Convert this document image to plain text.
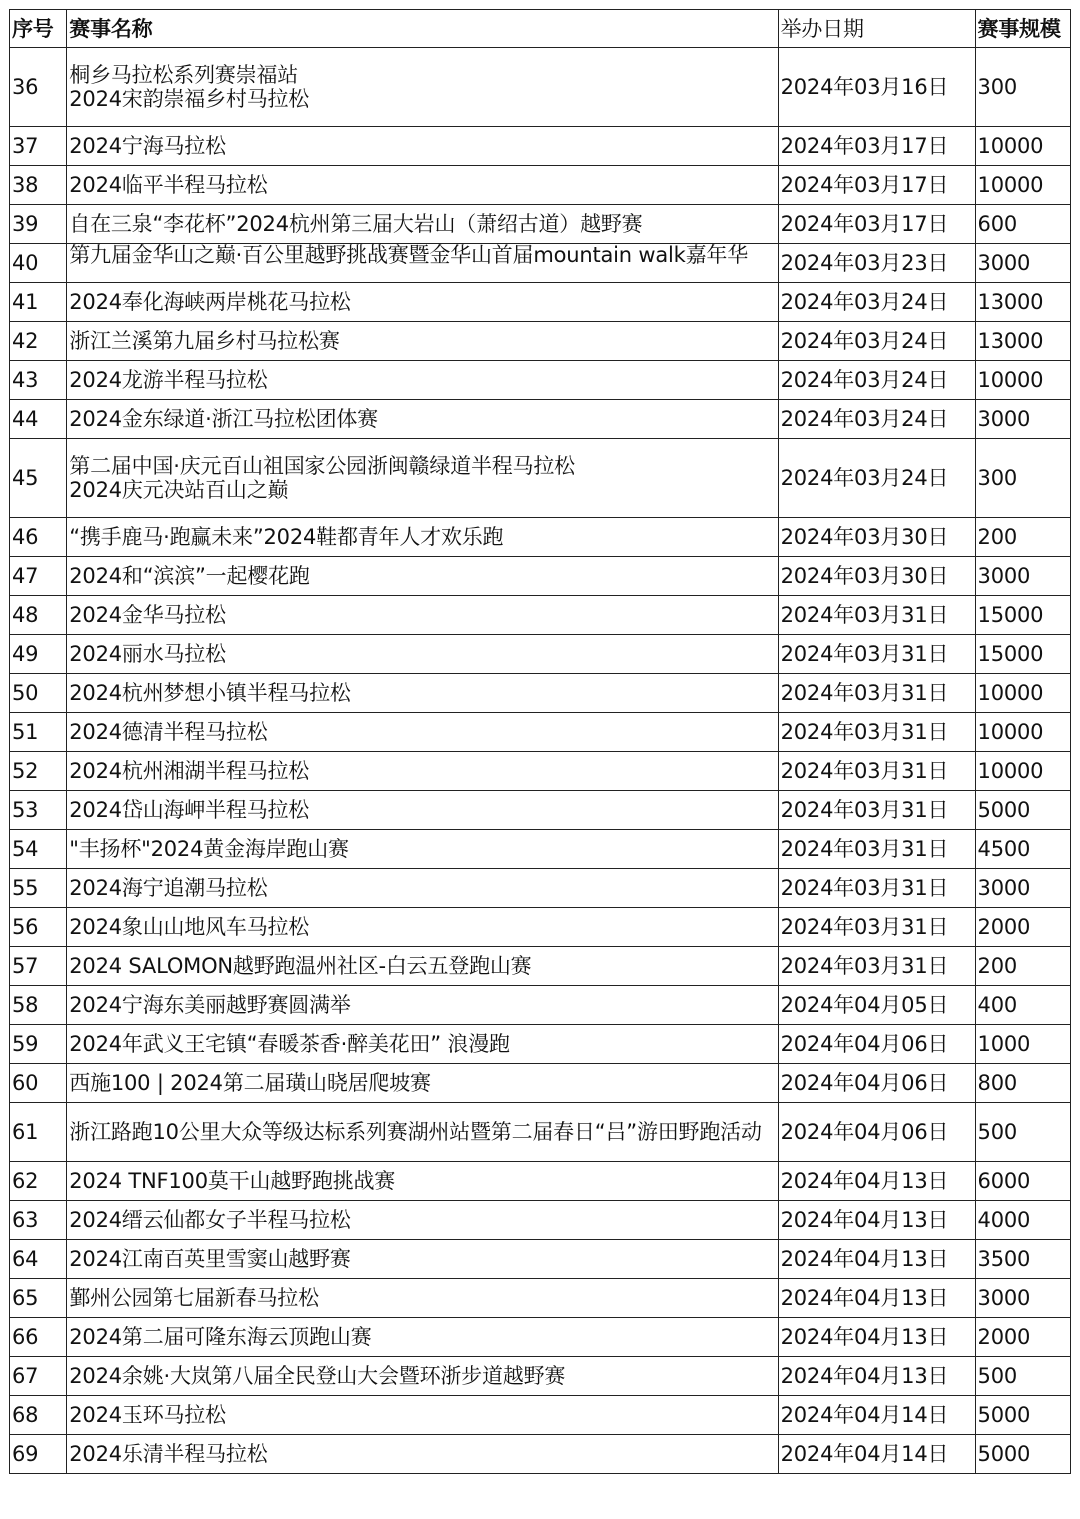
序号	赛事名称	举办日期	赛事规模
36	桐乡马拉松系列赛崇福站
2024宋韵崇福乡村马拉松	2024年03月16日	300
37	2024宁海马拉松	2024年03月17日	10000
38	2024临平半程马拉松	2024年03月17日	10000
39	自在三泉“李花杯”2024杭州第三届大岩山（萧绍古道）越野赛	2024年03月17日	600
40	第九届金华山之巅·百公里越野挑战赛暨金华山首届mountain walk嘉年华	2024年03月23日	3000
41	2024奉化海峡两岸桃花马拉松	2024年03月24日	13000
42	浙江兰溪第九届乡村马拉松赛	2024年03月24日	13000
43	2024龙游半程马拉松	2024年03月24日	10000
44	2024金东绿道·浙江马拉松团体赛	2024年03月24日	3000
45	第二届中国·庆元百山祖国家公园浙闽赣绿道半程马拉松
2024庆元决站百山之巅	2024年03月24日	300
46	“携手鹿马·跑赢未来”2024鞋都青年人才欢乐跑	2024年03月30日	200
47	2024和“滨滨”一起樱花跑	2024年03月30日	3000
48	2024金华马拉松	2024年03月31日	15000
49	2024丽水马拉松	2024年03月31日	15000
50	2024杭州梦想小镇半程马拉松	2024年03月31日	10000
51	2024德清半程马拉松	2024年03月31日	10000
52	2024杭州湘湖半程马拉松	2024年03月31日	10000
53	2024岱山海岬半程马拉松	2024年03月31日	5000
54	"丰扬杯"2024黄金海岸跑山赛	2024年03月31日	4500
55	2024海宁追潮马拉松	2024年03月31日	3000
56	2024象山山地风车马拉松	2024年03月31日	2000
57	2024 SALOMON越野跑温州社区-白云五登跑山赛	2024年03月31日	200
58	2024宁海东美丽越野赛圆满举	2024年04月05日	400
59	2024年武义王宅镇“春暖茶香·醉美花田” 浪漫跑	2024年04月06日	1000
60	西施100 | 2024第二届璜山晓居爬坡赛	2024年04月06日	800
61	浙江路跑10公里大众等级达标系列赛湖州站暨第二届春日“吕”游田野跑活动	2024年04月06日	500
62	2024 TNF100莫干山越野跑挑战赛	2024年04月13日	6000
63	2024缙云仙都女子半程马拉松	2024年04月13日	4000
64	2024江南百英里雪窦山越野赛	2024年04月13日	3500
65	鄞州公园第七届新春马拉松	2024年04月13日	3000
66	2024第二届可隆东海云顶跑山赛	2024年04月13日	2000
67	2024余姚·大岚第八届全民登山大会暨环浙步道越野赛	2024年04月13日	500
68	2024玉环马拉松	2024年04月14日	5000
69	2024乐清半程马拉松	2024年04月14日	5000
